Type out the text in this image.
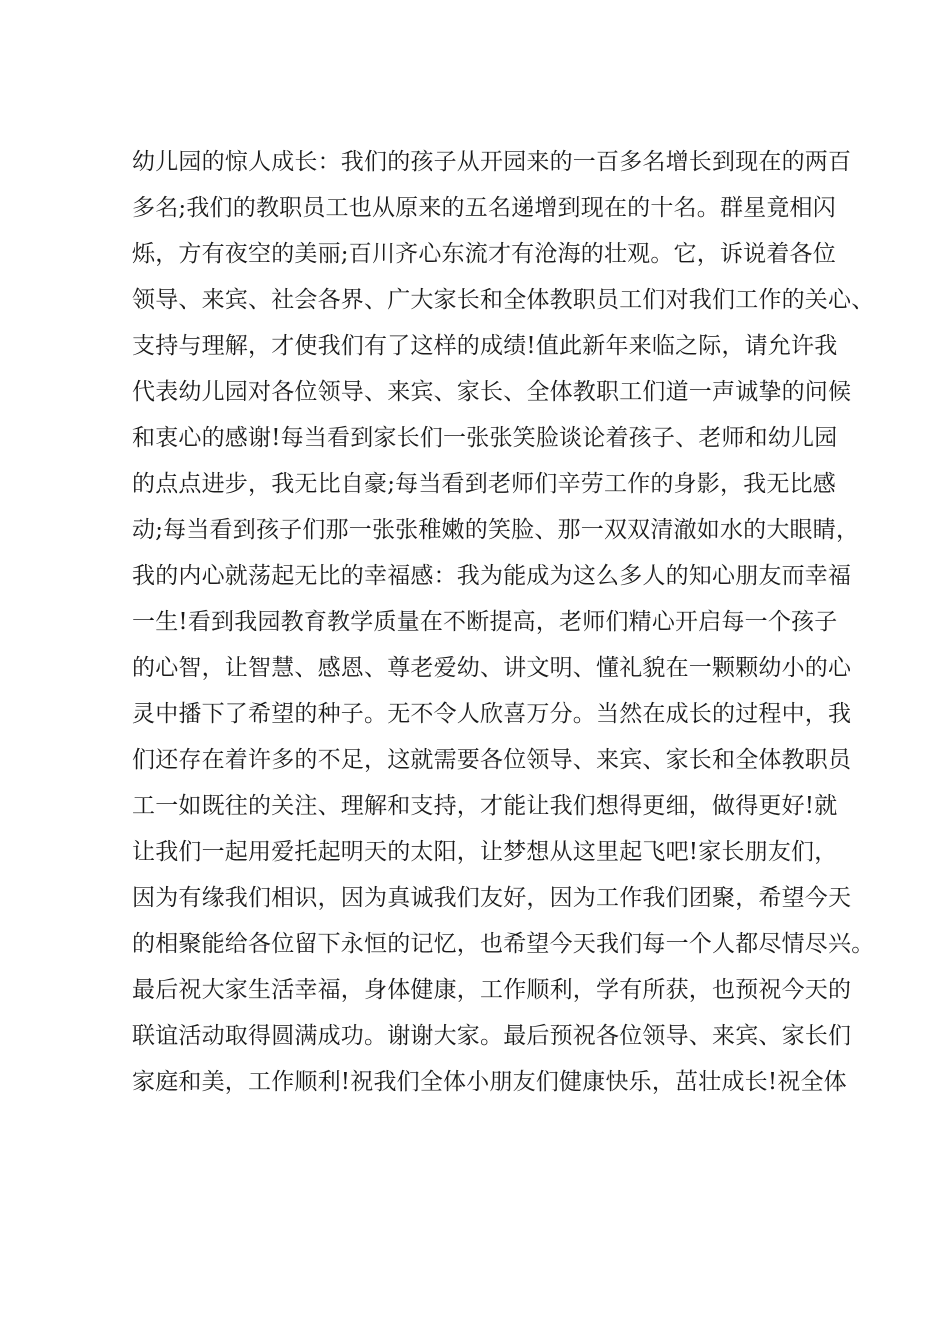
幼儿园的惊人成长：我们的孩子从开园来的一百多名增长到现在的两百
多名;我们的教职员工也从原来的五名递增到现在的十名。群星竟相闪
烁，方有夜空的美丽;百川齐心东流才有沧海的壮观。它，诉说着各位
领导、来宾、社会各界、广大家长和全体教职员工们对我们工作的关心、
支持与理解，才使我们有了这样的成绩!值此新年来临之际，请允许我
代表幼儿园对各位领导、来宾、家长、全体教职工们道一声诚挚的问候
和衷心的感谢!每当看到家长们一张张笑脸谈论着孩子、老师和幼儿园
的点点进步，我无比自豪;每当看到老师们辛劳工作的身影，我无比感
动;每当看到孩子们那一张张稚嫩的笑脸、那一双双清澈如水的大眼睛，
我的内心就荡起无比的幸福感：我为能成为这么多人的知心朋友而幸福
一生!看到我园教育教学质量在不断提高，老师们精心开启每一个孩子
的心智，让智慧、感恩、尊老爱幼、讲文明、懂礼貌在一颗颗幼小的心
灵中播下了希望的种子。无不令人欣喜万分。当然在成长的过程中，我
们还存在着许多的不足，这就需要各位领导、来宾、家长和全体教职员
工一如既往的关注、理解和支持，才能让我们想得更细，做得更好!就
让我们一起用爱托起明天的太阳，让梦想从这里起飞吧!家长朋友们，
因为有缘我们相识，因为真诚我们友好，因为工作我们团聚，希望今天
的相聚能给各位留下永恒的记忆，也希望今天我们每一个人都尽情尽兴。
最后祝大家生活幸福，身体健康，工作顺利，学有所获，也预祝今天的
联谊活动取得圆满成功。谢谢大家。最后预祝各位领导、来宾、家长们
家庭和美，工作顺利!祝我们全体小朋友们健康快乐，茁壮成长!祝全体
